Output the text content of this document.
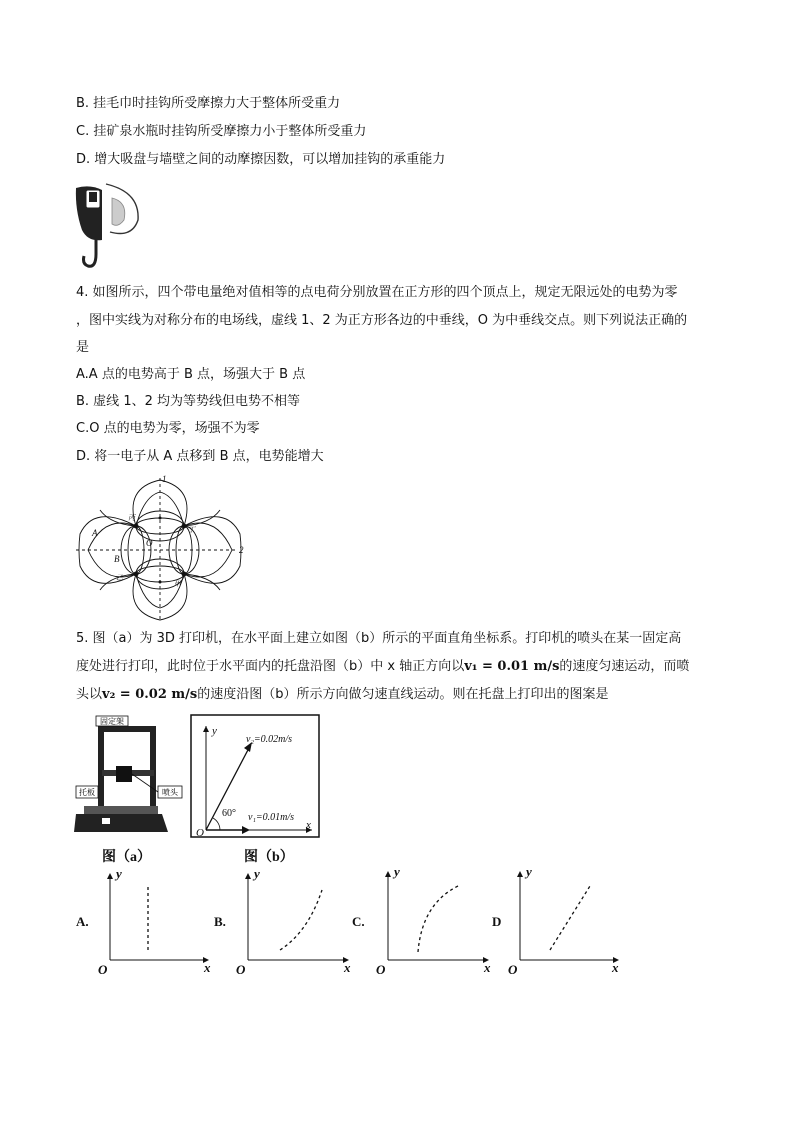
B. 挂毛巾时挂钩所受摩擦力大于整体所受重力
C. 挂矿泉水瓶时挂钩所受摩擦力小于整体所受重力
D. 增大吸盘与墙壁之间的动摩擦因数，可以增加挂钩的承重能力
4. 如图所示，四个带电量绝对值相等的点电荷分别放置在正方形的四个顶点上，规定无限远处的电势为零
，图中实线为对称分布的电场线，虚线 1、2 为正方形各边的中垂线，O 为中垂线交点。则下列说法正确的
是
A.A 点的电势高于 B 点，场强大于 B 点
B. 虚线 1、2 均为等势线但电势不相等
C.O 点的电势为零，场强不为零
D. 将一电子从 A 点移到 B 点，电势能增大
1
2
A
B
O
丙
丁
乙
甲
5. 图（a）为 3D 打印机，在水平面上建立如图（b）所示的平面直角坐标系。打印机的喷头在某一固定高
度处进行打印，此时位于水平面内的托盘沿图（b）中 x 轴正方向以v₁ = 0.01 m/s的速度匀速运动，而喷
头以v₂ = 0.02 m/s的速度沿图（b）所示方向做匀速直线运动。则在托盘上打印出的图案是
固定架
托板	喷头
y
x
O
v₂=0.02m/s
v₁=0.01m/s
60°
图（a）	图（b）
A.
y
x
O
B.
y
x
O
C.
y
x
O
D
y
x
O
